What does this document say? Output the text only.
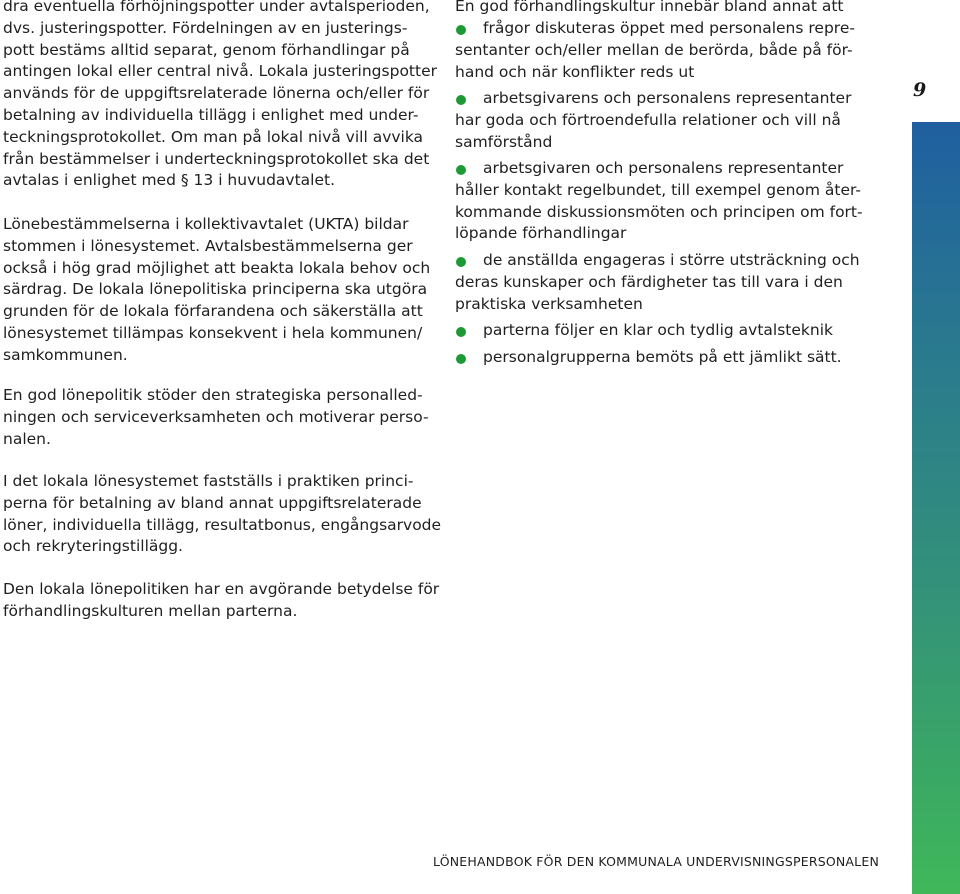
dra eventuella förhöjningspotter under avtalsperioden,
dvs. justeringspotter. Fördelningen av en justerings-
pott bestäms alltid separat, genom förhandlingar på
antingen lokal eller central nivå. Lokala justeringspotter
används för de uppgiftsrelaterade lönerna och/eller för
betalning av individuella tillägg i enlighet med under-
teckningsprotokollet. Om man på lokal nivå vill avvika
från bestämmelser i underteckningsprotokollet ska det
avtalas i enlighet med § 13 i huvudavtalet.

Lönebestämmelserna i kollektivavtalet (UKTA) bildar
stommen i lönesystemet. Avtalsbestämmelserna ger
också i hög grad möjlighet att beakta lokala behov och
särdrag. De lokala lönepolitiska principerna ska utgöra
grunden för de lokala förfarandena och säkerställa att
lönesystemet tillämpas konsekvent i hela kommunen/
samkommunen.

En god lönepolitik stöder den strategiska personalled-
ningen och serviceverksamheten och motiverar perso-
nalen.

I det lokala lönesystemet fastställs i praktiken princi-
perna för betalning av bland annat uppgiftsrelaterade
löner, individuella tillägg, resultatbonus, engångsarvode
och rekryteringstillägg.

Den lokala lönepolitiken har en avgörande betydelse för
förhandlingskulturen mellan parterna.

En god förhandlingskultur innebär bland annat att

frågor diskuteras öppet med personalens repre-
sentanter och/eller mellan de berörda, både på för-
hand och när konflikter reds ut
arbetsgivarens och personalens representanter
har goda och förtroendefulla relationer och vill nå
samförstånd
arbetsgivaren och personalens representanter
håller kontakt regelbundet, till exempel genom åter-
kommande diskussionsmöten och principen om fort-
löpande förhandlingar
de anställda engageras i större utsträckning och
deras kunskaper och färdigheter tas till vara i den
praktiska verksamheten
parterna följer en klar och tydlig avtalsteknik
personalgrupperna bemöts på ett jämlikt sätt.
9
LÖNEHANDBOK FÖR DEN KOMMUNALA UNDERVISNINGSPERSONALEN
